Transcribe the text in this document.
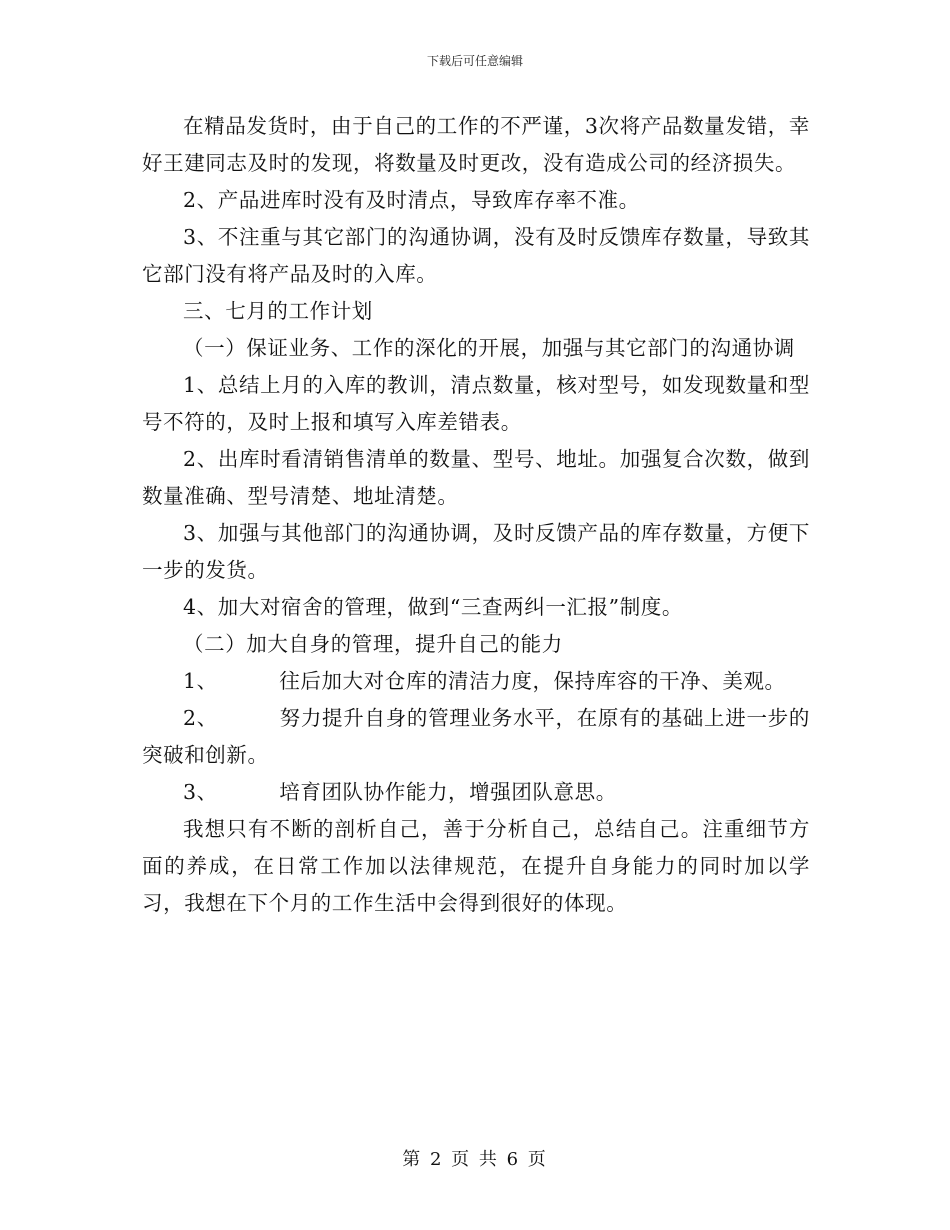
下载后可任意编辑

在精品发货时，由于自己的工作的不严谨，3次将产品数量发错，幸好王建同志及时的发现，将数量及时更改，没有造成公司的经济损失。

2、产品进库时没有及时清点，导致库存率不准。

3、不注重与其它部门的沟通协调，没有及时反馈库存数量，导致其它部门没有将产品及时的入库。

三、七月的工作计划

（一）保证业务、工作的深化的开展，加强与其它部门的沟通协调

1、总结上月的入库的教训，清点数量，核对型号，如发现数量和型号不符的，及时上报和填写入库差错表。

2、出库时看清销售清单的数量、型号、地址。加强复合次数，做到数量准确、型号清楚、地址清楚。

3、加强与其他部门的沟通协调，及时反馈产品的库存数量，方便下一步的发货。

4、加大对宿舍的管理，做到“三查两纠一汇报”制度。

（二）加大自身的管理，提升自己的能力

1、	往后加大对仓库的清洁力度，保持库容的干净、美观。

2、	努力提升自身的管理业务水平，在原有的基础上进一步的突破和创新。

3、	培育团队协作能力，增强团队意思。

我想只有不断的剖析自己，善于分析自己，总结自己。注重细节方面的养成，在日常工作加以法律规范，在提升自身能力的同时加以学习，我想在下个月的工作生活中会得到很好的体现。

第 2 页 共 6 页
